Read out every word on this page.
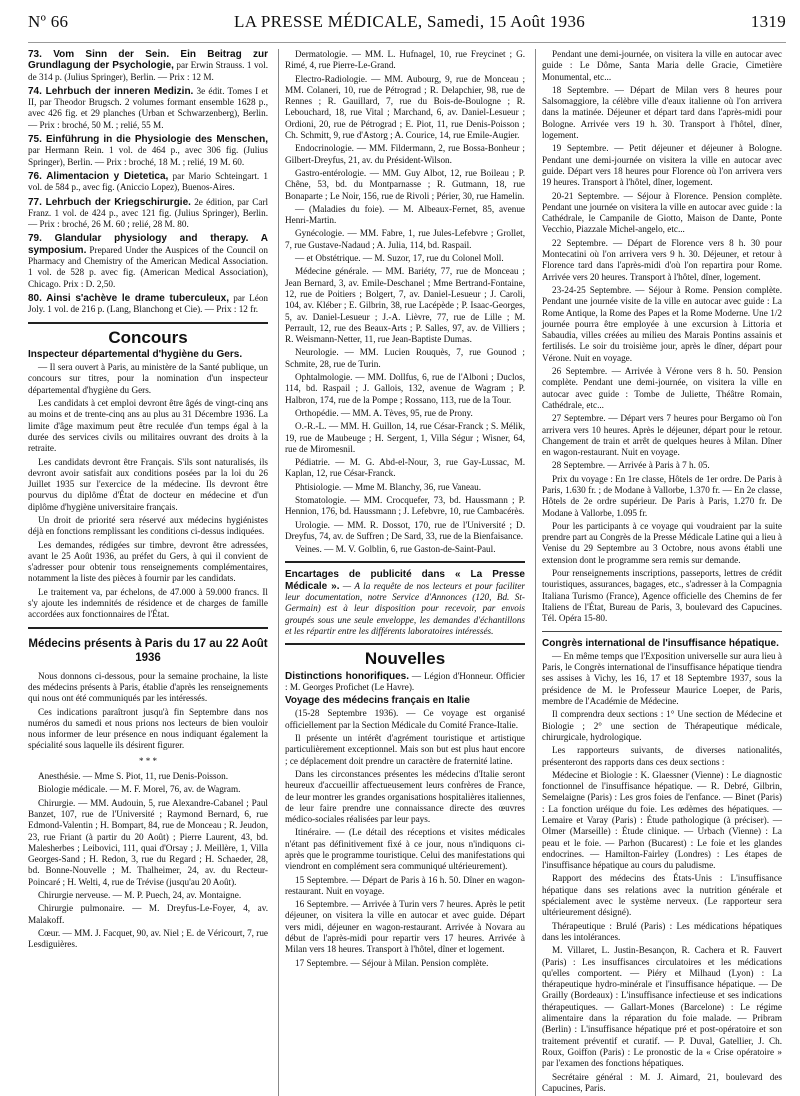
Nº 66	LA PRESSE MÉDICALE, Samedi, 15 Août 1936	1319

73. Vom Sinn der Sein. Ein Beitrag zur Grundlagung der Psychologie, par Erwin Strauss. 1 vol. de 314 p. (Julius Springer), Berlin. — Prix : 12 M.

74. Lehrbuch der inneren Medizin. 3e édit. Tomes I et II, par Theodor Brugsch. 2 volumes formant ensemble 1628 p., avec 426 fig. et 29 planches (Urban et Schwarzenberg), Berlin. — Prix : broché, 50 M. ; relié, 55 M.

75. Einführung in die Physiologie des Menschen, par Hermann Rein. 1 vol. de 464 p., avec 306 fig. (Julius Springer), Berlin. — Prix : broché, 18 M. ; relié, 19 M. 60.

76. Alimentacion y Dietetica, par Mario Schteingart. 1 vol. de 584 p., avec fig. (Aniccio Lopez), Buenos-Aires.

77. Lehrbuch der Kriegschirurgie. 2e édition, par Carl Franz. 1 vol. de 424 p., avec 121 fig. (Julius Springer), Berlin. — Prix : broché, 26 M. 60 ; relié, 28 M. 80.

79. Glandular physiology and therapy. A symposium. Prepared Under the Auspices of the Council on Pharmacy and Chemistry of the American Medical Association. 1 vol. de 528 p. avec fig. (American Medical Association), Chicago. Prix : D. 2,50.

80. Ainsi s'achève le drame tuberculeux, par Léon Joly. 1 vol. de 216 p. (Lang, Blanchong et Cie). — Prix : 12 fr.

Concours

Inspecteur départemental d'hygiène du Gers.

— Il sera ouvert à Paris, au ministère de la Santé publique, un concours sur titres, pour la nomination d'un inspecteur départemental d'hygiène du Gers.

Les candidats à cet emploi devront être âgés de vingt-cinq ans au moins et de trente-cinq ans au plus au 31 Décembre 1936. La limite d'âge maximum peut être reculée d'un temps égal à la durée des services civils ou militaires ouvrant des droits à la retraite.

Les candidats devront être Français. S'ils sont naturalisés, ils devront avoir satisfait aux conditions posées par la loi du 26 Juillet 1935 sur l'exercice de la médecine. Ils devront être pourvus du diplôme d'État de docteur en médecine et d'un diplôme d'hygiène universitaire français.

Un droit de priorité sera réservé aux médecins hygiénistes déjà en fonctions remplissant les conditions ci-dessus indiquées.

Les demandes, rédigées sur timbre, devront être adressées, avant le 25 Août 1936, au préfet du Gers, à qui il convient de s'adresser pour obtenir tous renseignements complémentaires, notamment la liste des pièces à fournir par les candidats.

Le traitement va, par échelons, de 47.000 à 59.000 francs. Il s'y ajoute les indemnités de résidence et de charges de famille accordées aux fonctionnaires de l'État.

Médecins présents à Paris du 17 au 22 Août 1936

Nous donnons ci-dessous, pour la semaine prochaine, la liste des médecins présents à Paris, établie d'après les renseignements qui nous ont été communiqués par les intéressés.

Ces indications paraîtront jusqu'à fin Septembre dans nos numéros du samedi et nous prions nos lecteurs de bien vouloir nous informer de leur présence en nous indiquant également la spécialité sous laquelle ils désirent figurer.

* * *

Anesthésie. — Mme S. Piot, 11, rue Denis-Poisson.

Biologie médicale. — M. F. Morel, 76, av. de Wagram.

Chirurgie. — MM. Audouin, 5, rue Alexandre-Cabanel ; Paul Banzet, 107, rue de l'Université ; Raymond Bernard, 6, rue Edmond-Valentin ; H. Bompart, 84, rue de Monceau ; R. Jeudon, 23, rue Friant (à partir du 20 Août) ; Pierre Laurent, 43, bd. Malesherbes ; Leibovici, 111, quai d'Orsay ; J. Meillère, 1, Villa Georges-Sand ; H. Redon, 3, rue du Regard ; H. Schaeder, 28, bd. Bonne-Nouvelle ; M. Thalheimer, 24, av. du Recteur-Poincaré ; H. Welti, 4, rue de Trévise (jusqu'au 20 Août).

Chirurgie nerveuse. — M. P. Puech, 24, av. Montaigne.

Chirurgie pulmonaire. — M. Dreyfus-Le-Foyer, 4, av. Malakoff.

Cœur. — MM. J. Facquet, 90, av. Niel ; E. de Véricourt, 7, rue Lesdiguières.

Dermatologie. — MM. L. Hufnagel, 10, rue Freycinet ; G. Rimé, 4, rue Pierre-Le-Grand.

Electro-Radiologie. — MM. Aubourg, 9, rue de Monceau ; MM. Colaneri, 10, rue de Pétrograd ; R. Delapchier, 98, rue de Rennes ; R. Gauillard, 7, rue du Bois-de-Boulogne ; R. Lebouchard, 18, rue Vital ; Marchand, 6, av. Daniel-Lesueur ; Ordioni, 20, rue de Pétrograd ; E. Piot, 11, rue Denis-Poisson ; Ch. Schmitt, 9, rue d'Astorg ; A. Courice, 14, rue Emile-Augier.

Endocrinologie. — MM. Fildermann, 2, rue Bossa-Bonheur ; Gilbert-Dreyfus, 21, av. du Président-Wilson.

Gastro-entérologie. — MM. Guy Albot, 12, rue Boileau ; P. Chêne, 53, bd. du Montparnasse ; R. Gutmann, 18, rue Bonaparte ; Le Noir, 156, rue de Rivoli ; Périer, 30, rue Hamelin.

— (Maladies du foie). — M. Albeaux-Fernet, 85, avenue Henri-Martin.

Gynécologie. — MM. Fabre, 1, rue Jules-Lefebvre ; Grollet, 7, rue Gustave-Nadaud ; A. Julia, 114, bd. Raspail.

— et Obstétrique. — M. Suzor, 17, rue du Colonel Moll.

Médecine générale. — MM. Bariéty, 77, rue de Monceau ; Jean Bernard, 3, av. Emile-Deschanel ; Mme Bertrand-Fontaine, 12, rue de Poitiers ; Bolgert, 7, av. Daniel-Lesueur ; J. Caroli, 104, av. Kléber ; E. Gilbrin, 38, rue Lacépède ; P. Isaac-Georges, 5, av. Daniel-Lesueur ; J.-A. Lièvre, 77, rue de Lille ; M. Perrault, 12, rue des Beaux-Arts ; P. Salles, 97, av. de Villiers ; R. Weismann-Netter, 11, rue Jean-Baptiste Dumas.

Neurologie. — MM. Lucien Rouquès, 7, rue Gounod ; Schmite, 28, rue de Turin.

Ophtalmologie. — MM. Dollfus, 6, rue de l'Alboni ; Duclos, 114, bd. Raspail ; J. Gallois, 132, avenue de Wagram ; P. Halbron, 174, rue de la Pompe ; Rossano, 113, rue de la Tour.

Orthopédie. — MM. A. Tèves, 95, rue de Prony.

O.-R.-L. — MM. H. Guillon, 14, rue César-Franck ; S. Mélik, 19, rue de Maubeuge ; H. Sergent, 1, Villa Ségur ; Wisner, 64, rue de Miromesnil.

Pédiatrie. — M. G. Abd-el-Nour, 3, rue Gay-Lussac, M. Kaplan, 12, rue César-Franck.

Phtisiologie. — Mme M. Blanchy, 36, rue Vaneau.

Stomatologie. — MM. Crocquefer, 73, bd. Haussmann ; P. Hennion, 176, bd. Haussmann ; J. Lefebvre, 10, rue Cambacérès.

Urologie. — MM. R. Dossot, 170, rue de l'Université ; D. Dreyfus, 74, av. de Suffren ; De Sard, 33, rue de la Bienfaisance.

Veines. — M. V. Golblin, 6, rue Gaston-de-Saint-Paul.

Encartages de publicité dans « La Presse Médicale ». — A la requête de nos lecteurs et pour faciliter leur documentation, notre Service d'Annonces (120, Bd. St-Germain) est à leur disposition pour recevoir, par envois groupés sous une seule enveloppe, les demandes d'échantillons et les répartir entre les différents laboratoires intéressés.

Nouvelles

Distinctions honorifiques. — Légion d'Honneur. Officier : M. Georges Profichet (Le Havre).

Voyage des médecins français en Italie

(15-28 Septembre 1936). — Ce voyage est organisé officiellement par la Section Médicale du Comité France-Italie.

Il présente un intérêt d'agrément touristique et artistique particulièrement exceptionnel. Mais son but est plus haut encore ; ce déplacement doit prendre un caractère de fraternité latine.

Dans les circonstances présentes les médecins d'Italie seront heureux d'accueillir affectueusement leurs confrères de France, de leur montrer les grandes organisations hospitalières italiennes, de leur faire prendre une connaissance directe des œuvres médico-sociales réalisées par leur pays.

Itinéraire. — (Le détail des réceptions et visites médicales n'étant pas définitivement fixé à ce jour, nous n'indiquons ci-après que le programme touristique. Celui des manifestations qui viendront en complément sera communiqué ultérieurement).

15 Septembre. — Départ de Paris à 16 h. 50. Dîner en wagon-restaurant. Nuit en voyage.

16 Septembre. — Arrivée à Turin vers 7 heures. Après le petit déjeuner, on visitera la ville en autocar et avec guide. Départ vers midi, déjeuner en wagon-restaurant. Arrivée à Novara au début de l'après-midi pour repartir vers 17 heures. Arrivée à Milan vers 18 heures. Transport à l'hôtel, dîner et logement.

17 Septembre. — Séjour à Milan. Pension complète.

Pendant une demi-journée, on visitera la ville en autocar avec guide : Le Dôme, Santa Maria delle Gracie, Cimetière Monumental, etc...

18 Septembre. — Départ de Milan vers 8 heures pour Salsomaggiore, la célèbre ville d'eaux italienne où l'on arrivera dans la matinée. Déjeuner et départ tard dans l'après-midi pour Bologne. Arrivée vers 19 h. 30. Transport à l'hôtel, dîner, logement.

19 Septembre. — Petit déjeuner et déjeuner à Bologne. Pendant une demi-journée on visitera la ville en autocar avec guide. Départ vers 18 heures pour Florence où l'on arrivera vers 19 heures. Transport à l'hôtel, dîner, logement.

20-21 Septembre. — Séjour à Florence. Pension complète. Pendant une journée on visitera la ville en autocar avec guide : la Cathédrale, le Campanile de Giotto, Maison de Dante, Ponte Vecchio, Piazzale Michel-angelo, etc...

22 Septembre. — Départ de Florence vers 8 h. 30 pour Montecatini où l'on arrivera vers 9 h. 30. Déjeuner, et retour à Florence tard dans l'après-midi d'où l'on repartira pour Rome. Arrivée vers 20 heures. Transport à l'hôtel, dîner, logement.

23-24-25 Septembre. — Séjour à Rome. Pension complète. Pendant une journée visite de la ville en autocar avec guide : La Rome Antique, la Rome des Papes et la Rome Moderne. Une 1/2 journée pourra être employée à une excursion à Littoria et Sabaudia, villes créées au milieu des Marais Pontins assainis et fertilisés. Le soir du troisième jour, après le dîner, départ pour Vérone. Nuit en voyage.

26 Septembre. — Arrivée à Vérone vers 8 h. 50. Pension complète. Pendant une demi-journée, on visitera la ville en autocar avec guide : Tombe de Juliette, Théâtre Romain, Cathédrale, etc...

27 Septembre. — Départ vers 7 heures pour Bergamo où l'on arrivera vers 10 heures. Après le déjeuner, départ pour le retour. Changement de train et arrêt de quelques heures à Milan. Dîner en wagon-restaurant. Nuit en voyage.

28 Septembre. — Arrivée à Paris à 7 h. 05.

Prix du voyage : En 1re classe, Hôtels de 1er ordre. De Paris à Paris, 1.630 fr. ; de Modane à Vallorbe, 1.370 fr. — En 2e classe, Hôtels de 2e ordre supérieur. De Paris à Paris, 1.270 fr. De Modane à Vallorbe, 1.095 fr.

Pour les participants à ce voyage qui voudraient par la suite prendre part au Congrès de la Presse Médicale Latine qui a lieu à Venise du 29 Septembre au 3 Octobre, nous avons établi une extension dont le programme sera remis sur demande.

Pour renseignements inscriptions, passeports, lettres de crédit touristiques, assurances, bagages, etc., s'adresser à la Compagnia Italiana Turismo (France), Agence officielle des Chemins de fer Italiens de l'État, Bureau de Paris, 3, boulevard des Capucines. Tél. Opéra 15-80.

Congrès international de l'insuffisance hépatique.

— En même temps que l'Exposition universelle sur aura lieu à Paris, le Congrès international de l'insuffisance hépatique tiendra ses assises à Vichy, les 16, 17 et 18 Septembre 1937, sous la présidence de M. le Professeur Maurice Loeper, de Paris, membre de l'Académie de Médecine.

Il comprendra deux sections : 1° Une section de Médecine et Biologie ; 2° une section de Thérapeutique médicale, chirurgicale, hydrologique.

Les rapporteurs suivants, de diverses nationalités, présenteront des rapports dans ces deux sections :

Médecine et Biologie : K. Glaessner (Vienne) : Le diagnostic fonctionnel de l'insuffisance hépatique. — R. Debré, Gilbrin, Semelaigne (Paris) : Les gros foies de l'enfance. — Binet (Paris) : La fonction uréique du foie. Les œdèmes des hépatiques. — Lemaire et Varay (Paris) : Étude pathologique (à préciser). — Olmer (Marseille) : Étude clinique. — Urbach (Vienne) : La peau et le foie. — Parhon (Bucarest) : Le foie et les glandes endocrines. — Hamilton-Fairley (Londres) : Les étapes de l'insuffisance hépatique au cours du paludisme.

Rapport des médecins des États-Unis : L'insuffisance hépatique dans ses relations avec la nutrition générale et spécialement avec le système nerveux. (Le rapporteur sera ultérieurement désigné).

Thérapeutique : Brulé (Paris) : Les médications hépatiques dans les intolérances.

M. Villaret, L. Justin-Besançon, R. Cachera et R. Fauvert (Paris) : Les insuffisances circulatoires et les médications qu'elles comportent. — Piéry et Milhaud (Lyon) : La thérapeutique hydro-minérale et l'insuffisance hépatique. — De Grailly (Bordeaux) : L'insuffisance infectieuse et ses indications thérapeutiques. — Gallart-Mones (Barcelone) : Le régime alimentaire dans la réparation du foie malade. — Pribram (Berlin) : L'insuffisance hépatique pré et post-opératoire et son traitement préventif et curatif. — P. Duval, Gatellier, J. Ch. Roux, Goiffon (Paris) : Le pronostic de la « Crise opératoire » par l'examen des fonctions hépatiques.

Secrétaire général : M. J. Aimard, 21, boulevard des Capucines, Paris.
